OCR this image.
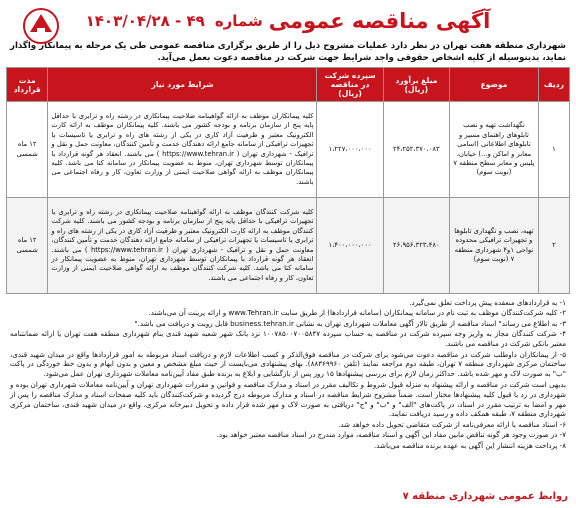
آگهی مناقصه عمومی
شماره
۴۹ - ۱۴۰۳/۰۴/۲۸
شهرداری منطقه هفت تهران در نظر دارد عملیات مشروح ذیل را از طریق برگزاری مناقصه عمومی طی یک مرحله به پیمانکار واگذار نماید، بدینوسیله از کلیه اشخاص حقوقی واجد شرایط جهت شرکت در مناقصه دعوت بعمل می‌آید.
ردیف	موضوع	مبلغ برآورد (ریال)	سپرده شرکت در مناقصه (ریال)	شرایط مورد نیاز	مدت قرارداد
۱	نگهداشت تهیه و نصب تابلوهای راهنمای مسیر و تابلوهای اطلاعاتی (اسامی معابر و اماکن و...) خیابان، پلیس و معابر سطح منطقه ۷ (نوبت سوم)	۲۴،۲۵۲،۳۷۰،۰۸۳	۱،۲۲۷،۰۰۰،۰۰۰	کلیه پیمانکاران موظف به ارائه گواهینامه صلاحیت پیمانکاری در رشته راه و ترابری با حداقل پایه پنج از سازمان برنامه و بودجه کشور می باشند. کلیه پیمانکاران موظف به ارائه کارت الکترونیک معتبر و ظرفیت آزاد کاری در یکی از رشته های راه و ترابری یا تاسیسات یا تجهیزات ترافیکی از سامانه جامع ارائه دهندگان خدمت و تأمین کنندگان، معاونت حمل و نقل و ترافیک - شهرداری تهران ( https://www.tehran.ir ) می باشند. انعقاد هر گونه قرارداد با پیمانکاران توسط شهرداری تهران، منوط به عضویت پیمانکار در سامانه کتا می باشد. کلیه پیمانکاران موظف به ارائه گواهی صلاحیت ایمنی از وزارت تعاون، کار و رفاه اجتماعی می باشند.	۱۲ ماه شمسی
۲	تهیه، نصب و نگهداری تابلوها و تجهیزات ترافیکی محدوده نواحی ۱و۴ شهرداری منطقه ۷ (نوبت سوم)	۲۶،۹۵۶،۳۲۳،۴۸۰	۱،۴۰۰،۰۰۰،۰۰۰	کلیه شرکت کنندگان موظف به ارائه گواهینامه صلاحیت پیمانکاری در رشته راه و ترابری یا تجهیزات ترافیکی با حداقل پایه پنج از سازمان برنامه و بودجه کشور می باشند. کلیه شرکت کنندگان موظف به ارائه کارت الکترونیک معتبر و ظرفیت آزاد کاری در یکی از رشته های راه و ترابری یا تاسیسات یا تجهیزات ترافیکی از سامانه جامع ارائه دهندگان خدمت و تأمین کنندگان، معاونت حمل و نقل و ترافیک - شهرداری تهران ( https://www.tehran.ir ) می باشند. انعقاد هر گونه قرارداد با پیمانکاران توسط شهرداری تهران، منوط به عضویت پیمانکار در سامانه کتا می باشد. کلیه شرکت کنندگان موظف به ارائه گواهی صلاحیت ایمنی از وزارت تعاون، کار و رفاه اجتماعی می باشند.	۱۲ ماه شمسی

۱- به قراردادهای منعقده پیش پرداخت تعلق نمی‌گیرد.

۲- کلیه شرکت‌کنندگان موظف به ثبت نام در سامانه پیمانکاران (سامانه قراردادها) از طریق سایت www.Tehran.ir و ارائه پرینت آن می‌باشند.

۳- به اطلاع می رساند" اسناد مناقصه از طریق تالار آگهی معاملات شهرداری تهران به نشانی business.tehran.ir قابل رویت و دریافت می باشد."

۴- شرکت کنندگان مجاز به واریز وجه سپرده شرکت در مناقصه به حساب سپرده ۱۰۰۷۸۵۰۰۷۰۰۵۸۴۷ نزد بانک شهر شعبه شهید قندی بنام شهرداری منطقه هفت تهران یا ارائه ضمانتنامه معتبر بانکی شرکت در مناقصه می باشند.

۵- از پیمانکاران داوطلب شرکت در مناقصه دعوت می‌شود برای شرکت در مناقصه فوق‌الذکر و کسب اطلاعات لازم و دریافت اسناد مربوطه به امور قراردادها واقع در میدان شهید قندی، ساختمان مرکزی شهرداری منطقه ۷ تهران، طبقه دوم مراجعه نمایند (تلفن ۸۸۳۶۹۹۶۰). بهای پیشنهادی می‌بایست از حیث مبلغ مشخص و معین و بدون ابهام و بدون خط خوردگی در پاکت "ب" به صورت لاک و مهر شده باشد. حداکثر زمان لازم برای بررسی پیشنهادها ۱۵ روز پس از بازگشایی و ابلاغ به برنده طبق مفاد آیین‌نامه معاملات شهرداری تهران عمل می‌شود.

بدیهی است شرکت در مناقصه و ارائه پیشنهاد به منزله قبول شروط و تکالیف مقرر در اسناد و مدارک مناقصه و قوانین و مقررات شهرداری تهران و آیین‌نامه معاملات شهرداری تهران بوده و شهرداری در رد یا قبول کلیه پیشنهادها مختار است. ضمناً مشروح شرایط مناقصه در اسناد و مدارک مربوطه درج گردیده و شرکت‌کنندگان باید کلیه صفحات اسناد و مدارک مناقصه را پس از مهر و امضا به ترتیب مقرر در اسناد، در پاکت‌های "الف" و "ب" و "ج" دریافتی به صورت لاک و مهر شده قرار داده و تحویل دبیرخانه مرکزی، واقع در میدان شهید قندی، ساختمان مرکزی شهرداری منطقه ۷، طبقه همکف داده و رسید دریافت نمایند.

۶- اسناد مناقصه با ارائه معرفی‌نامه از شرکت متقاضی تحویل داده خواهد شد.

۷- در صورت وجود هر گونه تناقض مابین مفاد این آگهی و اسناد مناقصه، موارد مندرج در اسناد مناقصه معتبر خواهد بود.

۸- پرداخت هزینه انتشار این آگهی به عهده برنده مناقصه می‌باشد.

روابط عمومی شهرداری منطقه ۷
